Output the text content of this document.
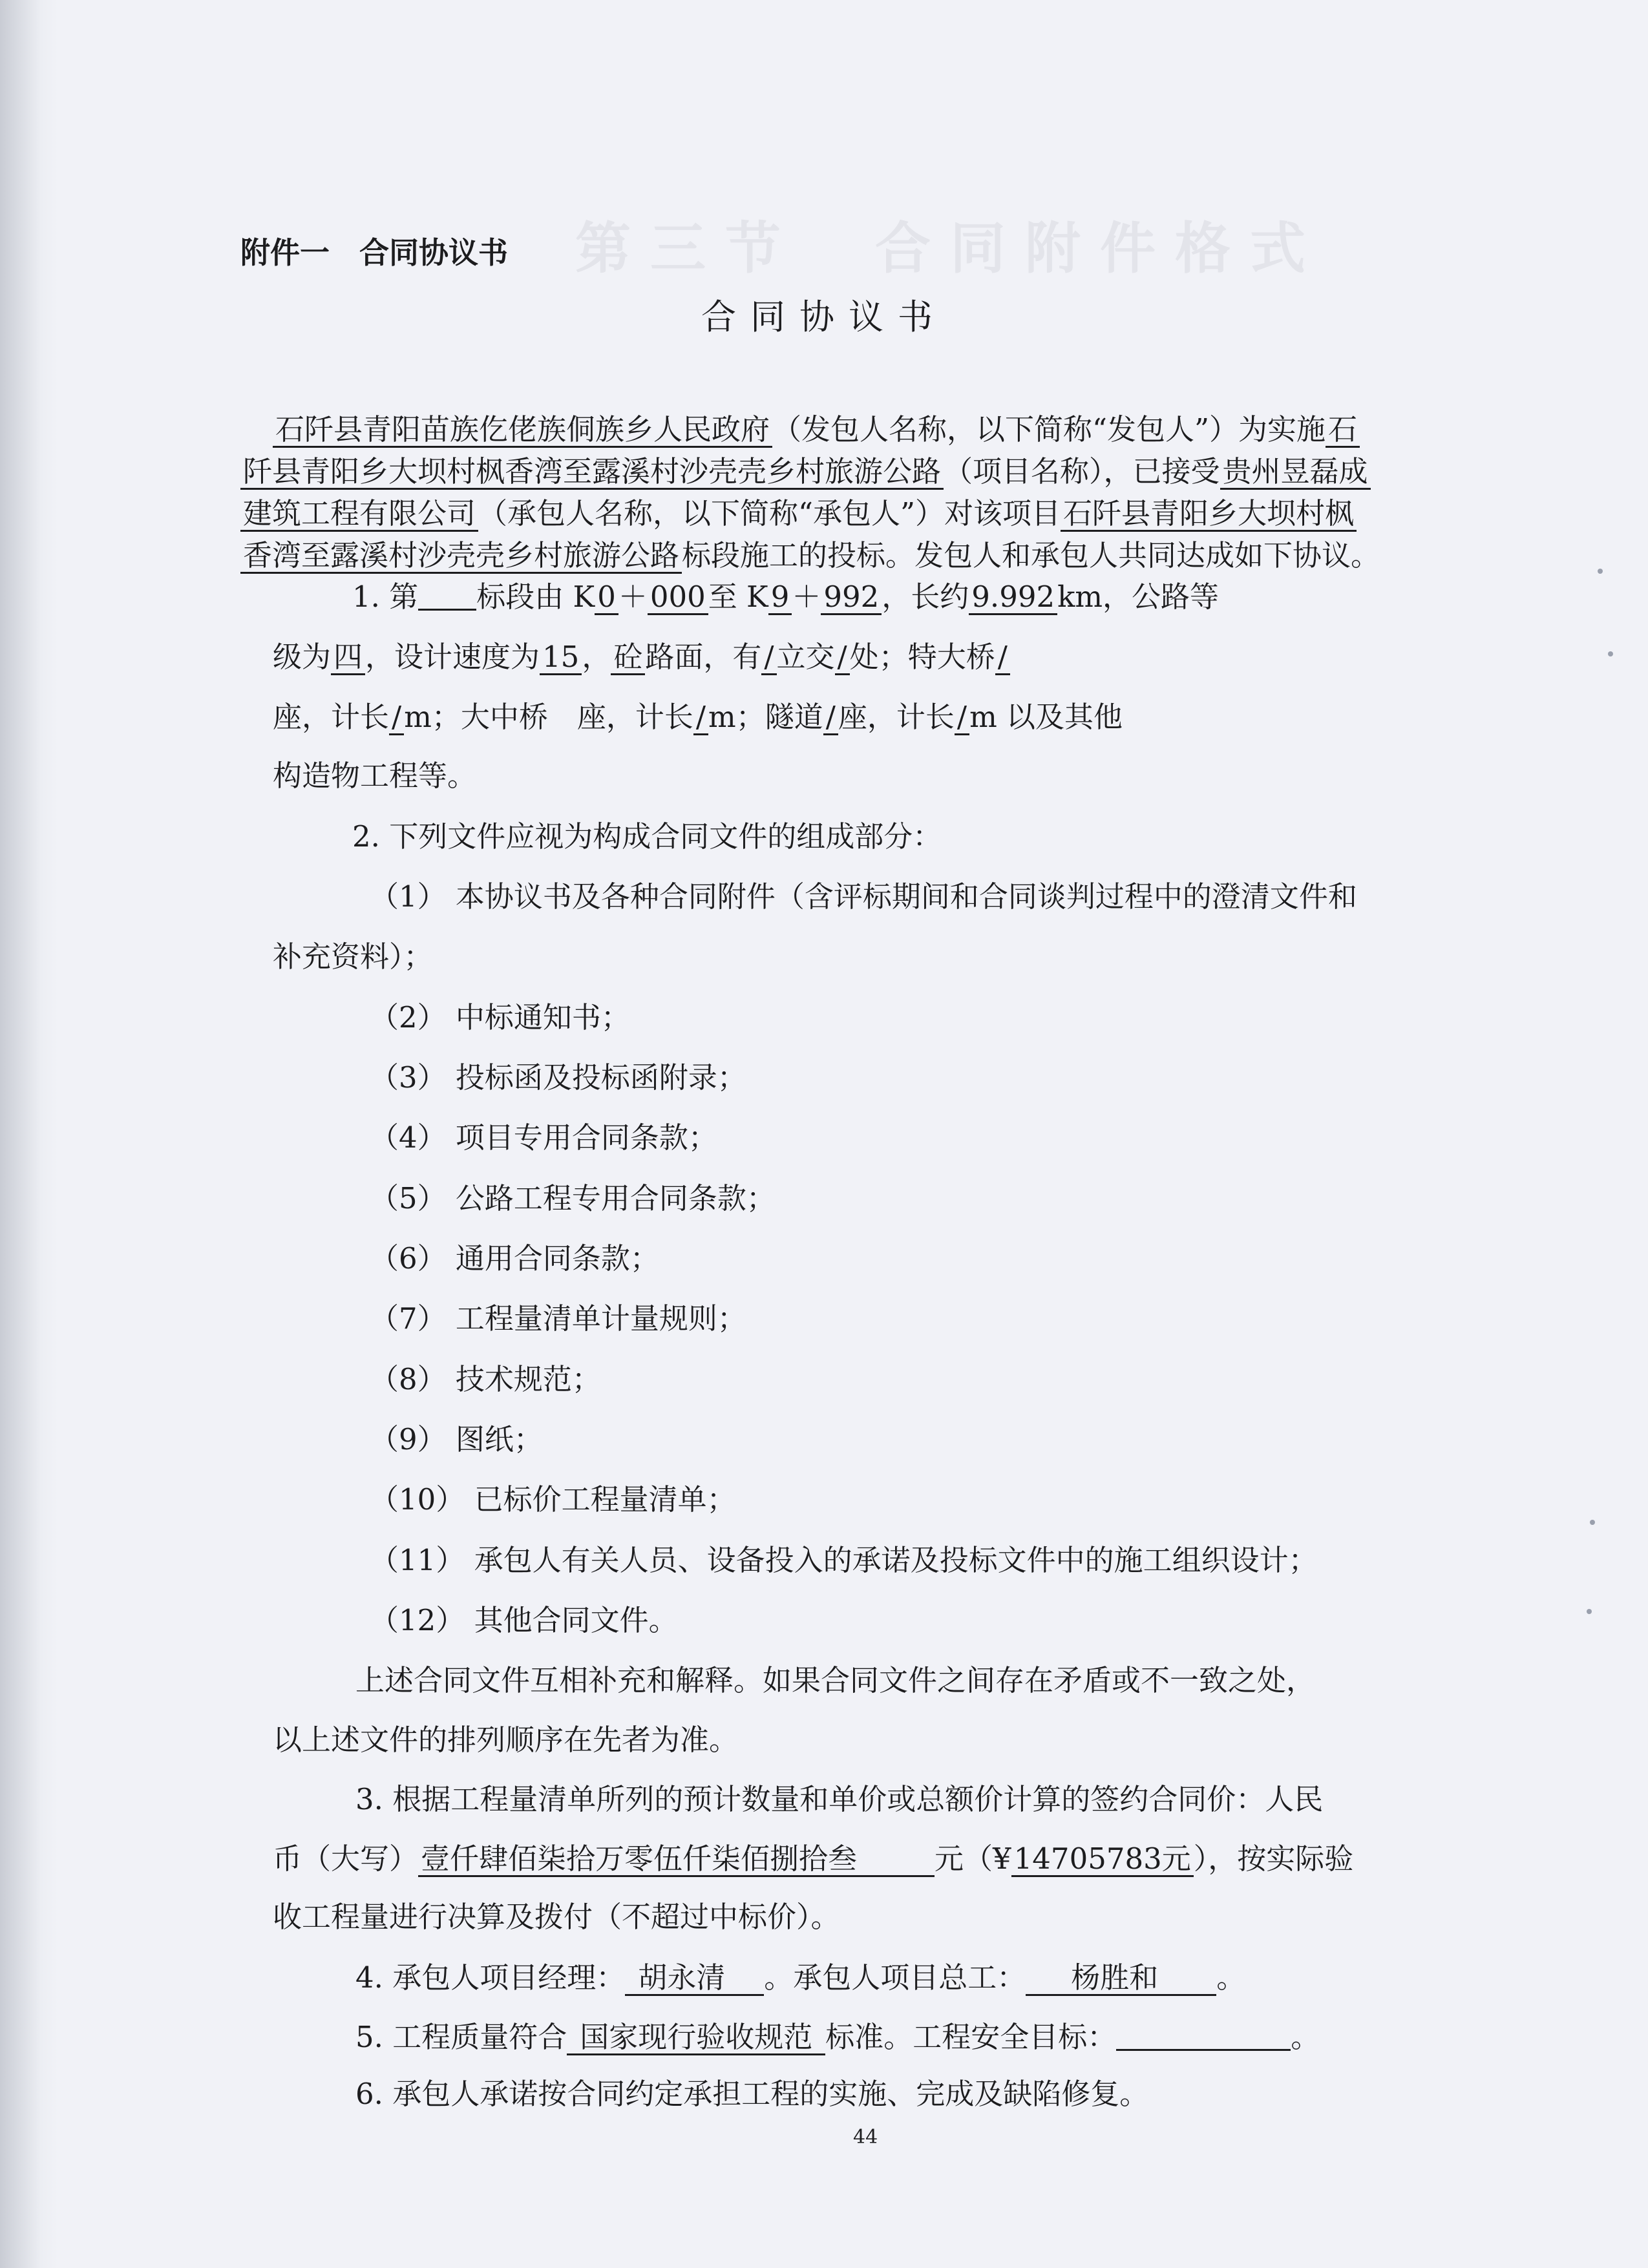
第三节　合同附件格式
附件一　合同协议书
合同协议书
石阡县青阳苗族仡佬族侗族乡人民政府（发包人名称，以下简称“发包人”）为实施石
阡县青阳乡大坝村枫香湾至露溪村沙壳壳乡村旅游公路（项目名称），已接受贵州昱磊成
建筑工程有限公司（承包人名称，以下简称“承包人”）对该项目石阡县青阳乡大坝村枫
香湾至露溪村沙壳壳乡村旅游公路标段施工的投标。发包人和承包人共同达成如下协议。
1. 第 标段由 K0＋000至 K9＋992，长约9.992km，公路等
级为四，设计速度为15，砼路面，有/立交/处；特大桥/
座，计长/m；大中桥　座，计长/m；隧道/座，计长/m 以及其他
构造物工程等。
2. 下列文件应视为构成合同文件的组成部分：
（1） 本协议书及各种合同附件（含评标期间和合同谈判过程中的澄清文件和
补充资料）；
（2） 中标通知书；
（3） 投标函及投标函附录；
（4） 项目专用合同条款；
（5） 公路工程专用合同条款；
（6） 通用合同条款；
（7） 工程量清单计量规则；
（8） 技术规范；
（9） 图纸；
（10） 已标价工程量清单；
（11） 承包人有关人员、设备投入的承诺及投标文件中的施工组织设计；
（12） 其他合同文件。
上述合同文件互相补充和解释。如果合同文件之间存在矛盾或不一致之处，
以上述文件的排列顺序在先者为准。
3. 根据工程量清单所列的预计数量和单价或总额价计算的签约合同价：人民
币（大写）壹仟肆佰柒拾万零伍仟柒佰捌拾叁	元（¥14705783元），按实际验
收工程量进行决算及拨付（不超过中标价）。
4. 承包人项目经理： 胡永清 。承包人项目总工： 杨胜和 。
5. 工程质量符合 国家现行验收规范 标准。工程安全目标：	。
6. 承包人承诺按合同约定承担工程的实施、完成及缺陷修复。
44
